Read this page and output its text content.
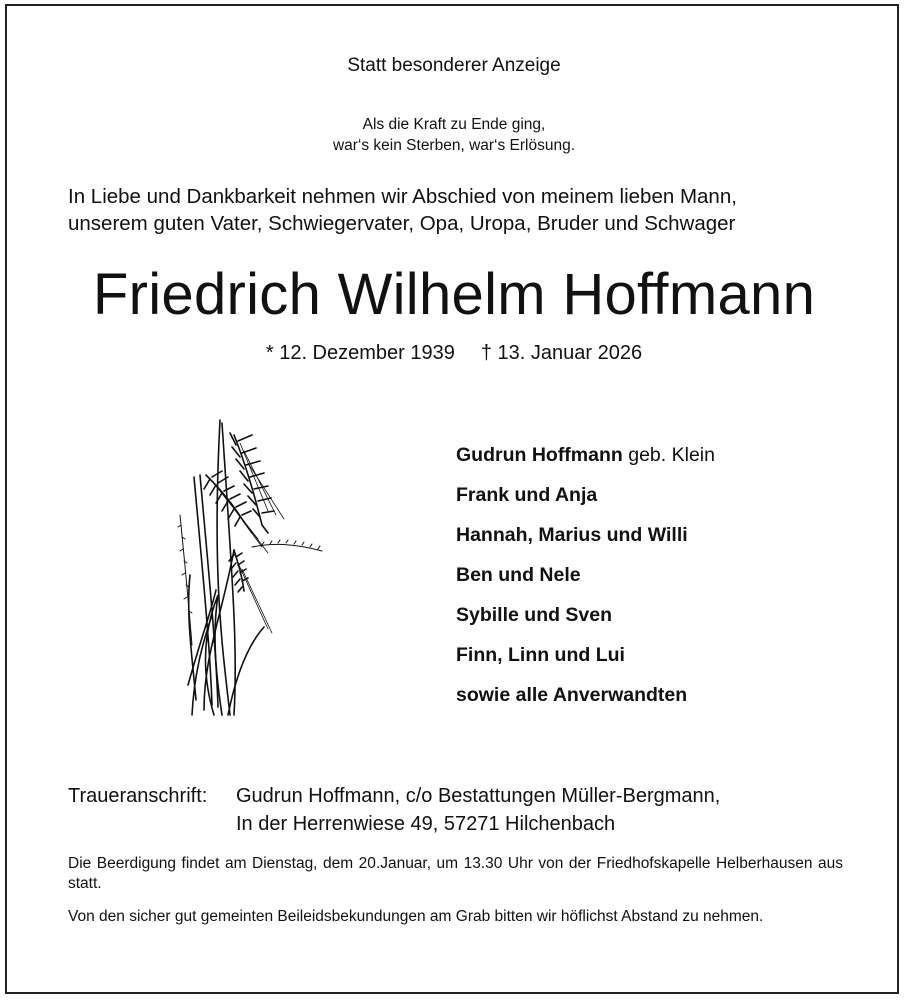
Statt besonderer Anzeige

Als die Kraft zu Ende ging,
war‘s kein Sterben, war‘s Erlösung.
In Liebe und Dankbarkeit nehmen wir Abschied von meinem lieben Mann,
unserem guten Vater, Schwiegervater, Opa, Uropa, Bruder und Schwager
Friedrich Wilhelm Hoffmann
* 12. Dezember 1939 † 13. Januar 2026
Gudrun Hoffmann geb. Klein
Frank und Anja
Hannah, Marius und Willi
Ben und Nele
Sybille und Sven
Finn, Linn und Lui
sowie alle Anverwandten
Traueranschrift: Gudrun Hoffmann, c/o Bestattungen Müller-Bergmann,
In der Herrenwiese 49, 57271 Hilchenbach

Die Beerdigung findet am Dienstag, dem 20.Januar, um 13.30 Uhr von der Friedhofskapelle Helberhausen aus statt.

Von den sicher gut gemeinten Beileidsbekundungen am Grab bitten wir höflichst Abstand zu nehmen.
